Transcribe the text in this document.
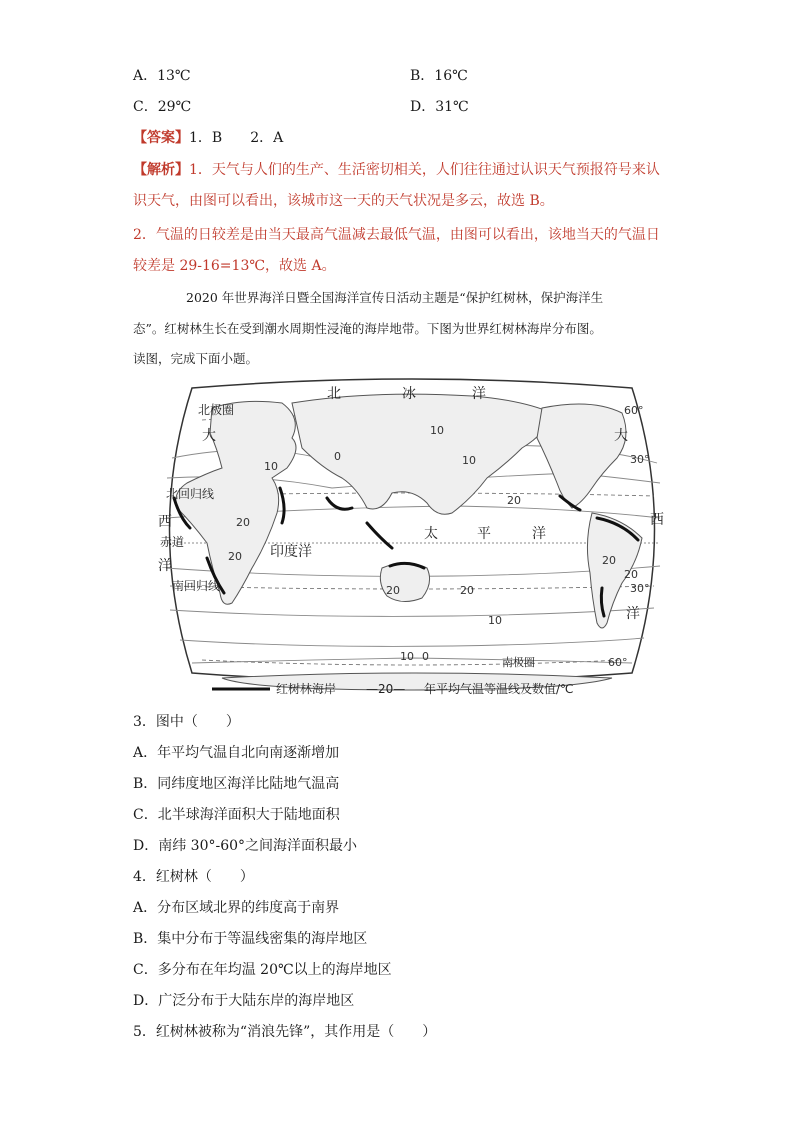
A．13℃	B．16℃
C．29℃	D．31℃
【答案】1．B　　2．A
【解析】1．天气与人们的生产、生活密切相关，人们往往通过认识天气预报符号来认
识天气，由图可以看出，该城市这一天的天气状况是多云，故选 B。
2．气温的日较差是由当天最高气温减去最低气温，由图可以看出，该地当天的气温日
较差是 29-16=13℃，故选 A。
2020 年世界海洋日暨全国海洋宣传日活动主题是“保护红树林，保护海洋生
态”。红树林生长在受到潮水周期性浸淹的海岸地带。下图为世界红树林海岸分布图。
读图，完成下面小题。
北	冰	洋
北极圈
大	大
北回归线
赤道
西
洋
南回归线
印度洋
太	平	洋
西
洋
南极圈
60°
30°
30°
60°
10
0
10
20
10
20
20
20
20
10
0
10
20
20
红树林海岸 —20— 年平均气温等温线及数值/℃
3．图中（　　）
A．年平均气温自北向南逐渐增加
B．同纬度地区海洋比陆地气温高
C．北半球海洋面积大于陆地面积
D．南纬 30°-60°之间海洋面积最小
4．红树林（　　）
A．分布区域北界的纬度高于南界
B．集中分布于等温线密集的海岸地区
C．多分布在年均温 20℃以上的海岸地区
D．广泛分布于大陆东岸的海岸地区
5．红树林被称为“消浪先锋”，其作用是（　　）
